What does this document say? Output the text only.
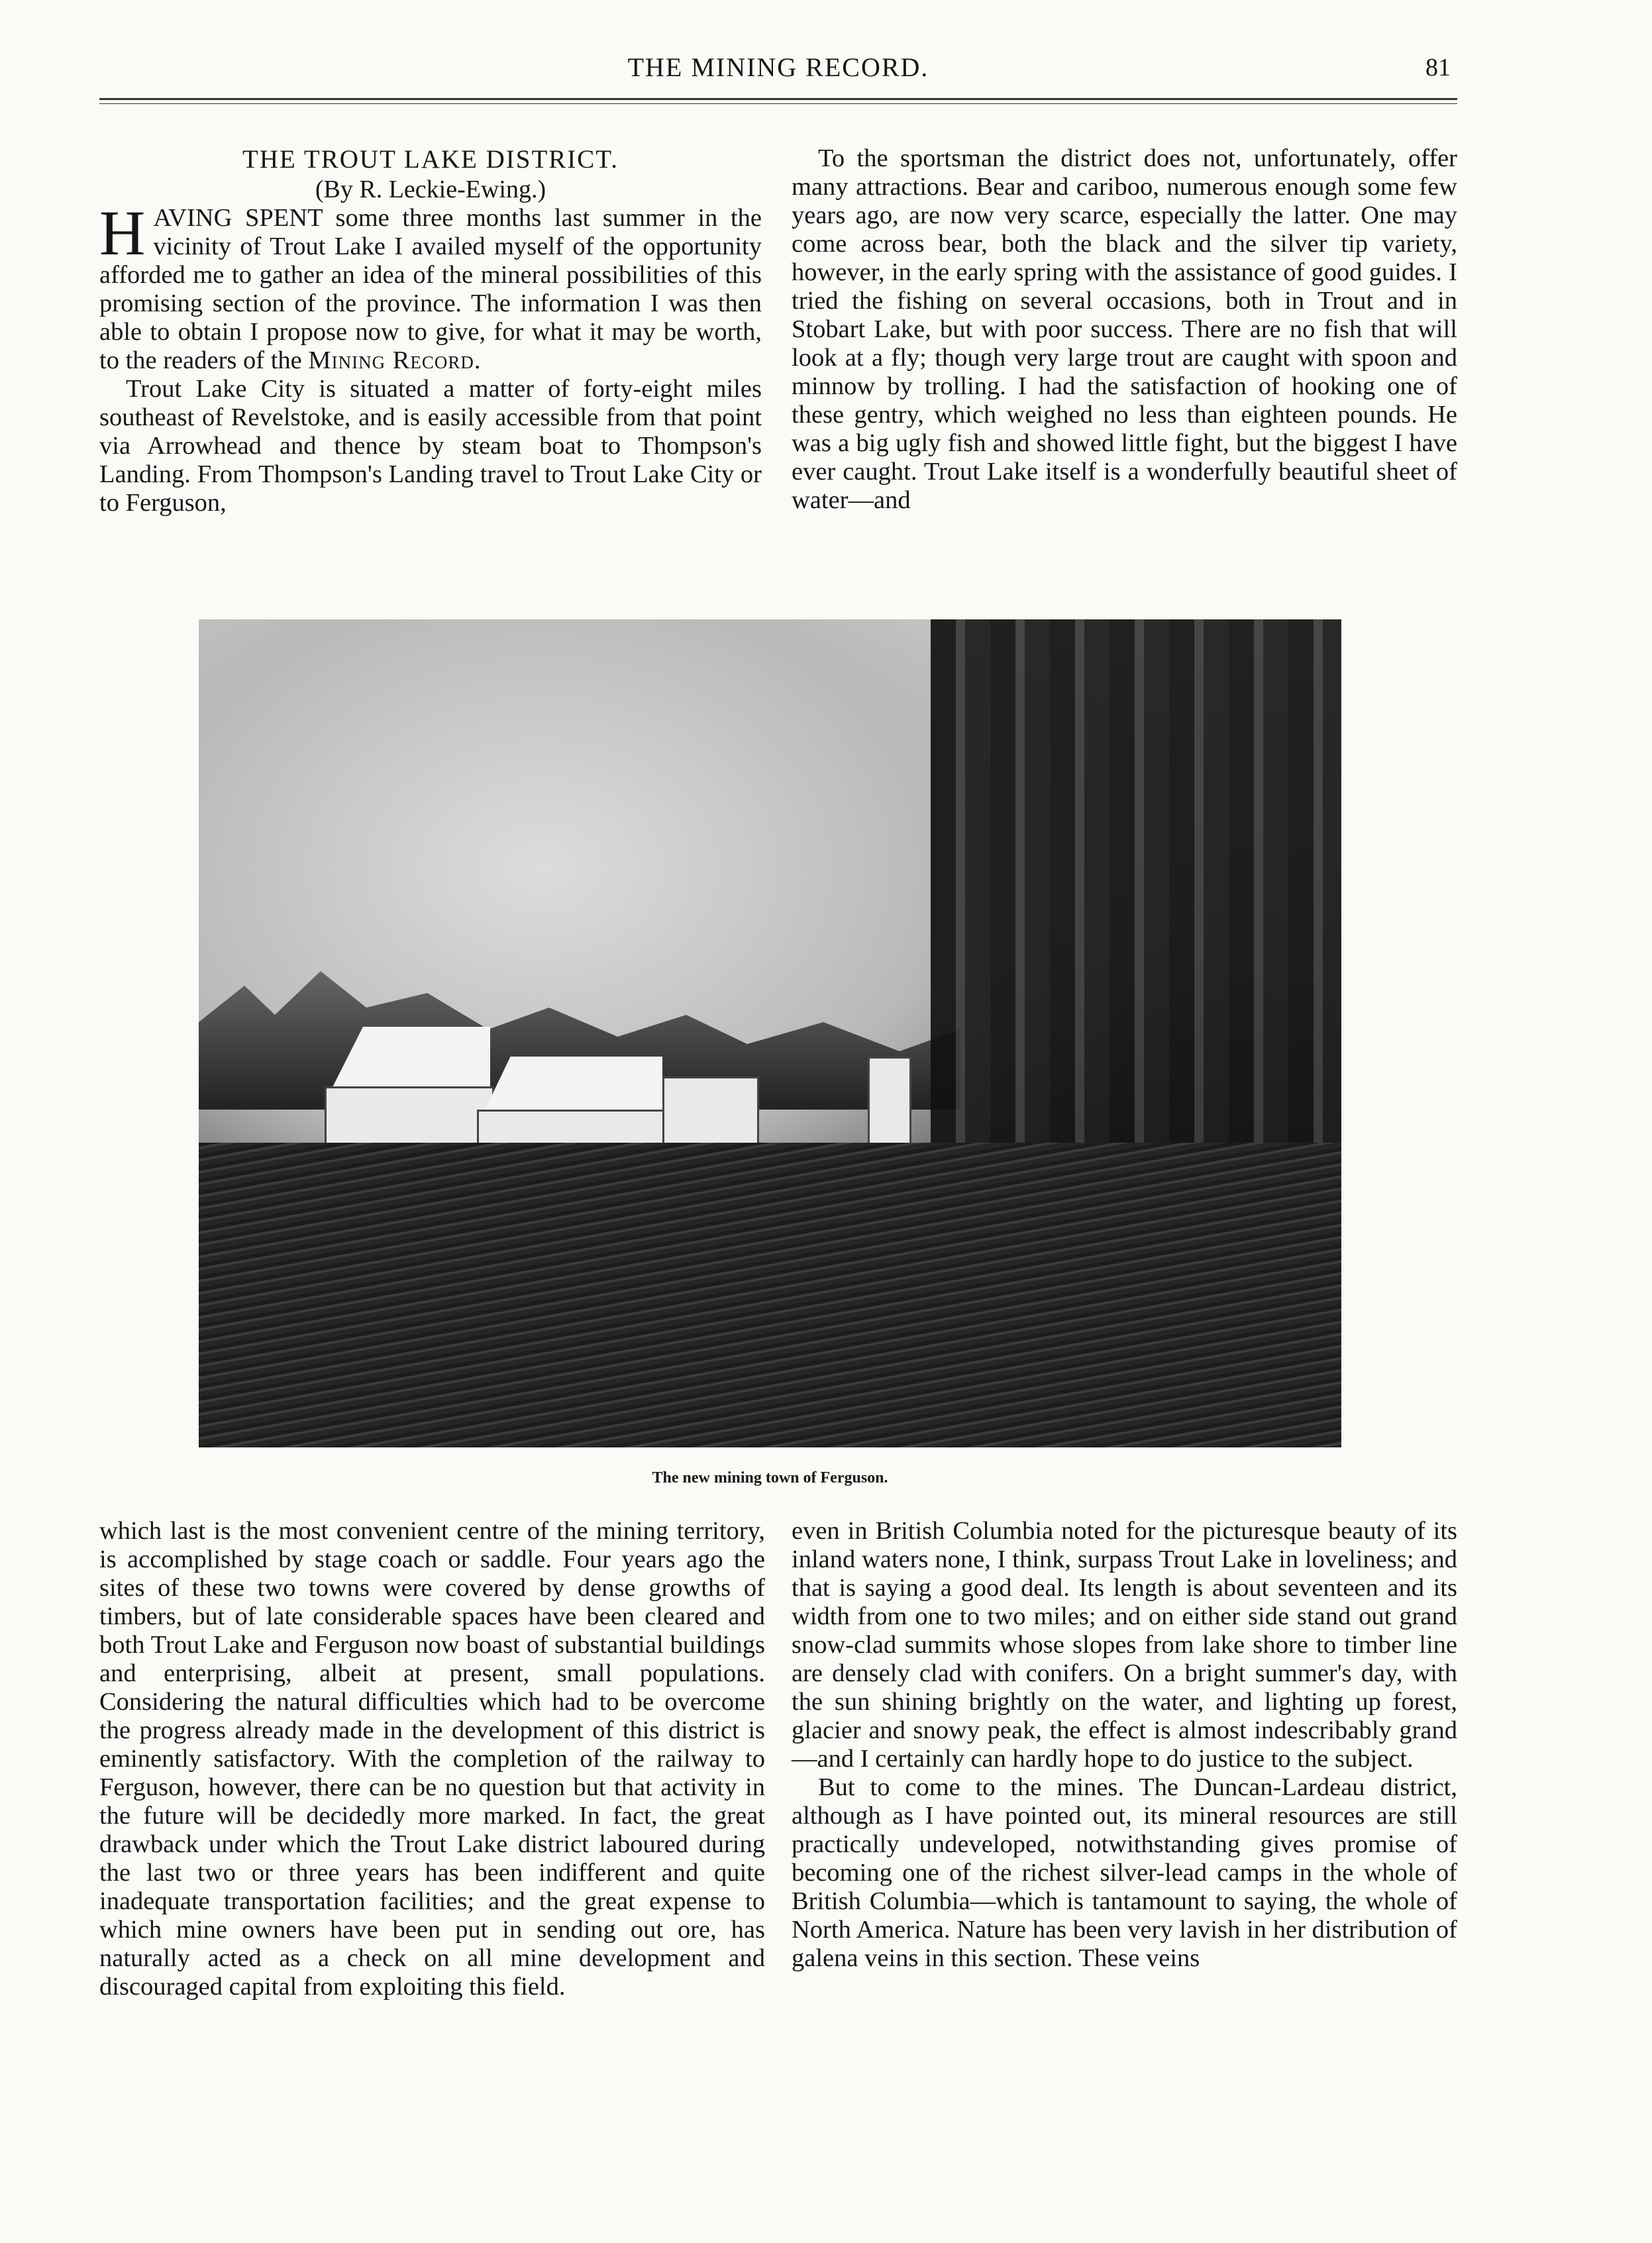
THE MINING RECORD.	81

THE TROUT LAKE DISTRICT.

(By R. Leckie-Ewing.)

HAVING SPENT some three months last summer in the vicinity of Trout Lake I availed myself of the opportunity afforded me to gather an idea of the mineral possibilities of this promising section of the province. The information I was then able to obtain I propose now to give, for what it may be worth, to the readers of the Mining Record.

Trout Lake City is situated a matter of forty-eight miles southeast of Revelstoke, and is easily accessible from that point via Arrowhead and thence by steam boat to Thompson's Landing. From Thompson's Landing travel to Trout Lake City or to Ferguson,

To the sportsman the district does not, unfortunately, offer many attractions. Bear and cariboo, numerous enough some few years ago, are now very scarce, especially the latter. One may come across bear, both the black and the silver tip variety, however, in the early spring with the assistance of good guides. I tried the fishing on several occasions, both in Trout and in Stobart Lake, but with poor success. There are no fish that will look at a fly; though very large trout are caught with spoon and minnow by trolling. I had the satisfaction of hooking one of these gentry, which weighed no less than eighteen pounds. He was a big ugly fish and showed little fight, but the biggest I have ever caught. Trout Lake itself is a wonderfully beautiful sheet of water—and

The new mining town of Ferguson.

which last is the most convenient centre of the mining territory, is accomplished by stage coach or saddle. Four years ago the sites of these two towns were covered by dense growths of timbers, but of late considerable spaces have been cleared and both Trout Lake and Ferguson now boast of substantial buildings and enterprising, albeit at present, small populations. Considering the natural difficulties which had to be overcome the progress already made in the development of this district is eminently satisfactory. With the completion of the railway to Ferguson, however, there can be no question but that activity in the future will be decidedly more marked. In fact, the great drawback under which the Trout Lake district laboured during the last two or three years has been indifferent and quite inadequate transportation facilities; and the great expense to which mine owners have been put in sending out ore, has naturally acted as a check on all mine development and discouraged capital from exploiting this field.

even in British Columbia noted for the picturesque beauty of its inland waters none, I think, surpass Trout Lake in loveliness; and that is saying a good deal. Its length is about seventeen and its width from one to two miles; and on either side stand out grand snow-clad summits whose slopes from lake shore to timber line are densely clad with conifers. On a bright summer's day, with the sun shining brightly on the water, and lighting up forest, glacier and snowy peak, the effect is almost indescribably grand—and I certainly can hardly hope to do justice to the subject.

But to come to the mines. The Duncan-Lardeau district, although as I have pointed out, its mineral resources are still practically undeveloped, notwithstanding gives promise of becoming one of the richest silver-lead camps in the whole of British Columbia—which is tantamount to saying, the whole of North America. Nature has been very lavish in her distribution of galena veins in this section. These veins
